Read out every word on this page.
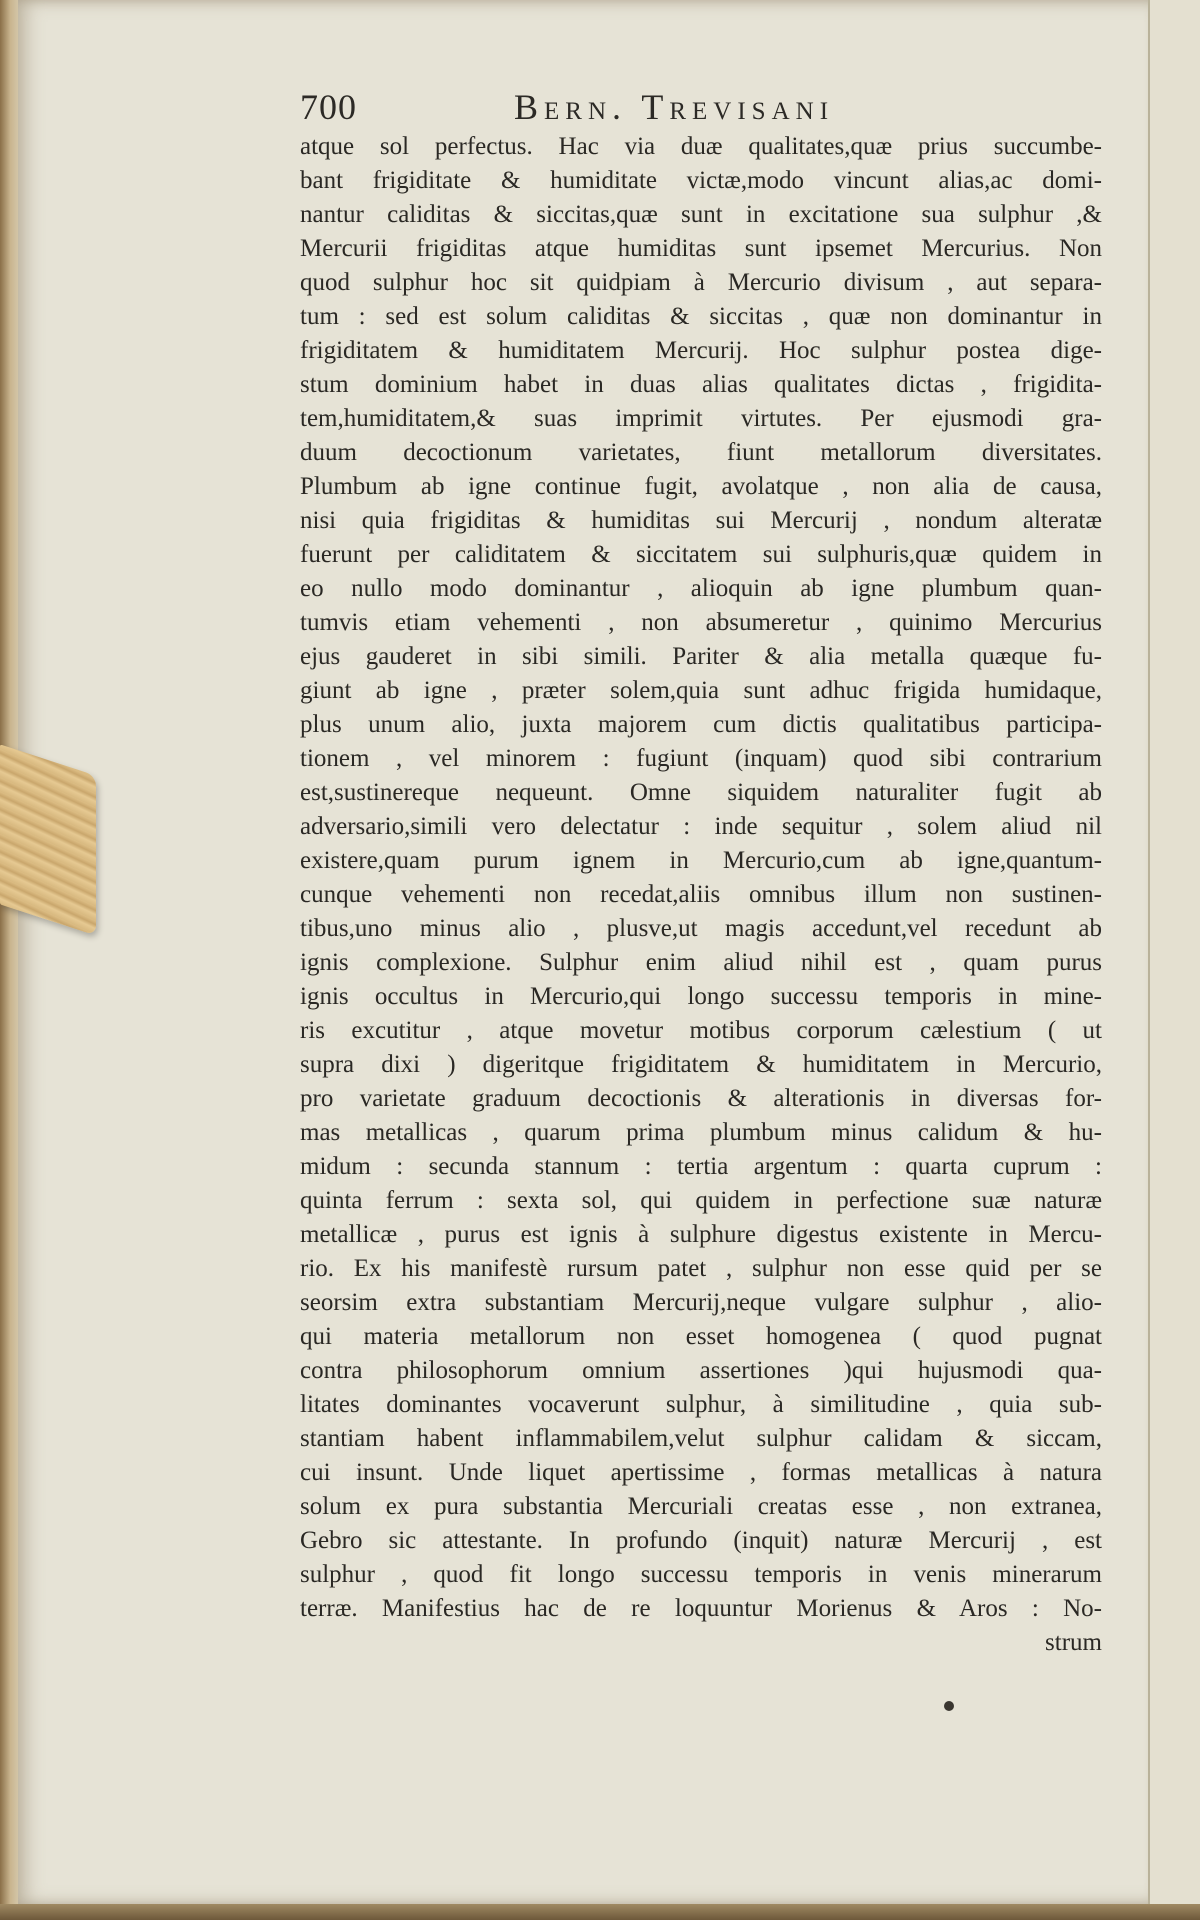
700	Bern. Trevisani
atque sol perfectus. Hac via duæ qualitates,quæ prius succumbe-
bant frigiditate & humiditate victæ,modo vincunt alias,ac domi-
nantur caliditas & siccitas,quæ sunt in excitatione sua sulphur ,&
Mercurii frigiditas atque humiditas sunt ipsemet Mercurius. Non
quod sulphur hoc sit quidpiam à Mercurio divisum , aut separa-
tum : sed est solum caliditas & siccitas , quæ non dominantur in
frigiditatem & humiditatem Mercurij. Hoc sulphur postea dige-
stum dominium habet in duas alias qualitates dictas , frigidita-
tem,humiditatem,& suas imprimit virtutes. Per ejusmodi gra-
duum decoctionum varietates, fiunt metallorum diversitates.
Plumbum ab igne continue fugit, avolatque , non alia de causa,
nisi quia frigiditas & humiditas sui Mercurij , nondum alteratæ
fuerunt per caliditatem & siccitatem sui sulphuris,quæ quidem in
eo nullo modo dominantur , alioquin ab igne plumbum quan-
tumvis etiam vehementi , non absumeretur , quinimo Mercurius
ejus gauderet in sibi simili. Pariter & alia metalla quæque fu-
giunt ab igne , præter solem,quia sunt adhuc frigida humidaque,
plus unum alio, juxta majorem cum dictis qualitatibus participa-
tionem , vel minorem : fugiunt (inquam) quod sibi contrarium
est,sustinereque nequeunt. Omne siquidem naturaliter fugit ab
adversario,simili vero delectatur : inde sequitur , solem aliud nil
existere,quam purum ignem in Mercurio,cum ab igne,quantum-
cunque vehementi non recedat,aliis omnibus illum non sustinen-
tibus,uno minus alio , plusve,ut magis accedunt,vel recedunt ab
ignis complexione. Sulphur enim aliud nihil est , quam purus
ignis occultus in Mercurio,qui longo successu temporis in mine-
ris excutitur , atque movetur motibus corporum cælestium ( ut
supra dixi ) digeritque frigiditatem & humiditatem in Mercurio,
pro varietate graduum decoctionis & alterationis in diversas for-
mas metallicas , quarum prima plumbum minus calidum & hu-
midum : secunda stannum : tertia argentum : quarta cuprum :
quinta ferrum : sexta sol, qui quidem in perfectione suæ naturæ
metallicæ , purus est ignis à sulphure digestus existente in Mercu-
rio. Ex his manifestè rursum patet , sulphur non esse quid per se
seorsim extra substantiam Mercurij,neque vulgare sulphur , alio-
qui materia metallorum non esset homogenea ( quod pugnat
contra philosophorum omnium assertiones )qui hujusmodi qua-
litates dominantes vocaverunt sulphur, à similitudine , quia sub-
stantiam habent inflammabilem,velut sulphur calidam & siccam,
cui insunt. Unde liquet apertissime , formas metallicas à natura
solum ex pura substantia Mercuriali creatas esse , non extranea,
Gebro sic attestante. In profundo (inquit) naturæ Mercurij , est
sulphur , quod fit longo successu temporis in venis minerarum
terræ. Manifestius hac de re loquuntur Morienus & Aros : No-
strum
